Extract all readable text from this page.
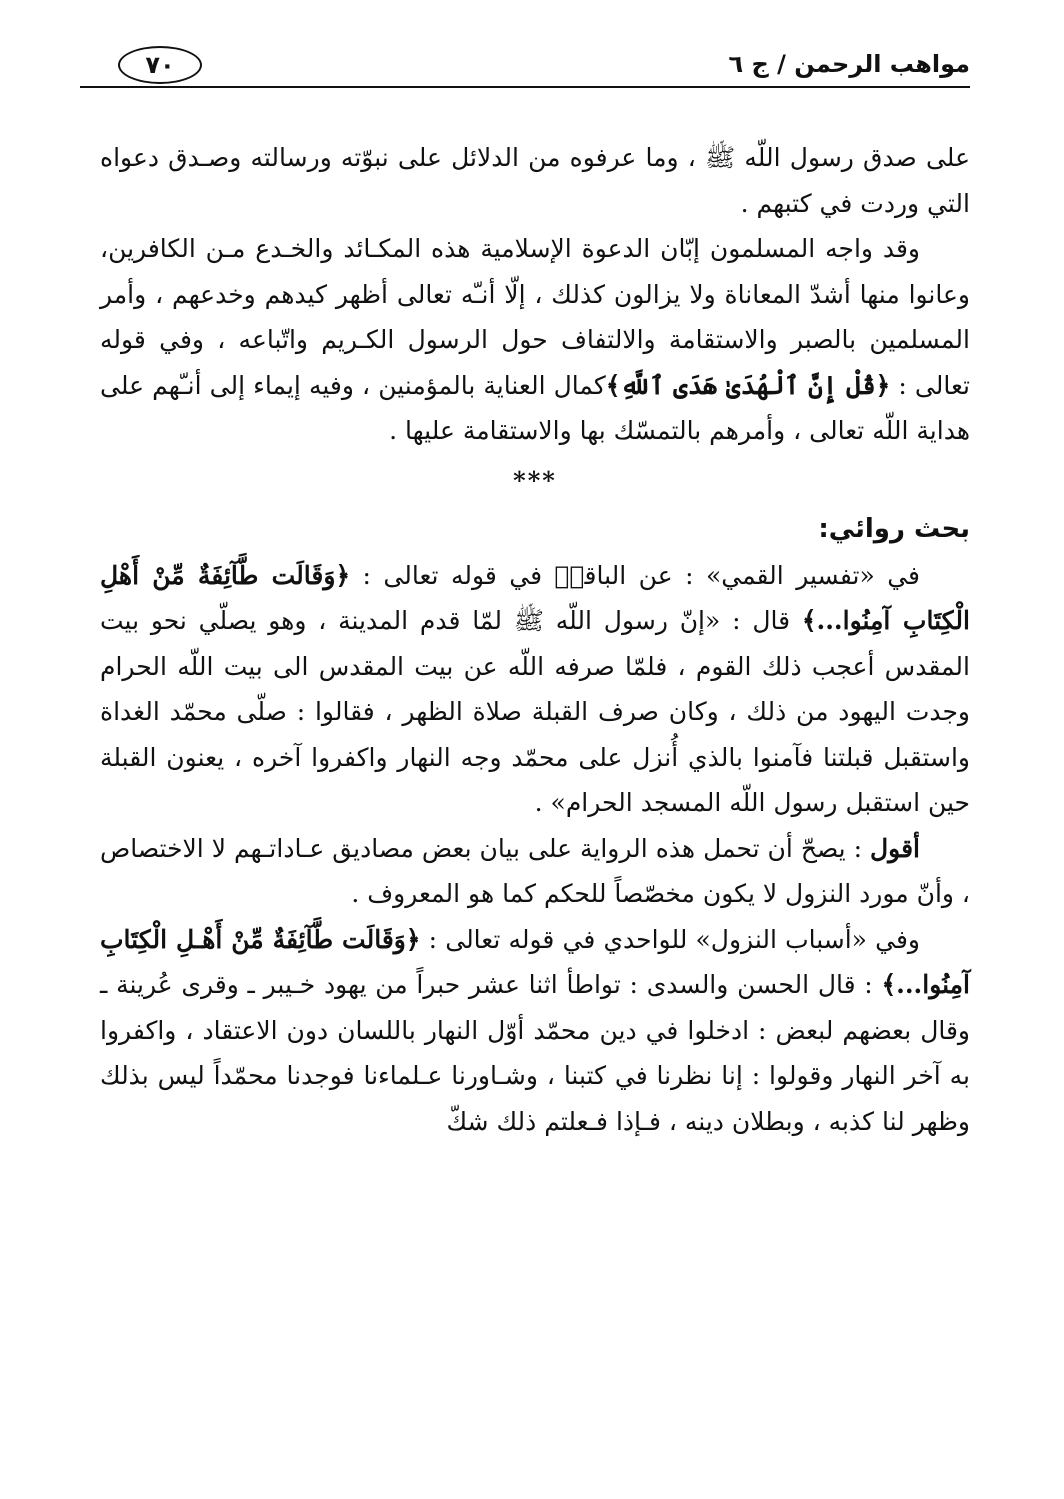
٧٠	مواهب الرحمن / ج ٦

على صدق رسول اللّه ﷺ ، وما عرفوه من الدلائل على نبوّته ورسالته وصـدق دعواه التي وردت في كتبهم .

وقد واجه المسلمون إبّان الدعوة الإسلامية هذه المكـائد والخـدع مـن الكافرين، وعانوا منها أشدّ المعاناة ولا يزالون كذلك ، إلّا أنـّه تعالى أظهر كيدهم وخدعهم ، وأمر المسلمين بالصبر والاستقامة والالتفاف حول الرسول الكـريم واتّباعه ، وفي قوله تعالى : ﴿قُلْ إِنَّ ٱلْهُدَىٰ هَدَى ٱللَّهِ﴾كمال العناية بالمؤمنين ، وفيه إيماء إلى أنـّهم على هداية اللّه تعالى ، وأمرهم بالتمسّك بها والاستقامة عليها .

***

بحث روائي:

في «تفسير القمي» : عن الباقرؑ في قوله تعالى : ﴿وَقَالَت طَّآئِفَةٌ مِّنْ أَهْلِ الْكِتَابِ آمِنُوا...﴾ قال : «إنّ رسول اللّه ﷺ لمّا قدم المدينة ، وهو يصلّي نحو بيت المقدس أعجب ذلك القوم ، فلمّا صرفه اللّه عن بيت المقدس الى بيت اللّه الحرام وجدت اليهود من ذلك ، وكان صرف القبلة صلاة الظهر ، فقالوا : صلّى محمّد الغداة واستقبل قبلتنا فآمنوا بالذي أُنزل على محمّد وجه النهار واكفروا آخره ، يعنون القبلة حين استقبل رسول اللّه المسجد الحرام» .

أقول : يصحّ أن تحمل هذه الرواية على بيان بعض مصاديق عـاداتـهم لا الاختصاص ، وأنّ مورد النزول لا يكون مخصّصاً للحكم كما هو المعروف .

وفي «أسباب النزول» للواحدي في قوله تعالى : ﴿وَقَالَت طَّآئِفَةٌ مِّنْ أَهْـلِ الْكِتَابِ آمِنُوا...﴾ : قال الحسن والسدى : تواطأ اثنا عشر حبراً من يهود خـيبر ـ وقرى عُرينة ـ وقال بعضهم لبعض : ادخلوا في دين محمّد أوّل النهار باللسان دون الاعتقاد ، واكفروا به آخر النهار وقولوا : إنا نظرنا في كتبنا ، وشـاورنا عـلماءنا فوجدنا محمّداً ليس بذلك وظهر لنا كذبه ، وبطلان دينه ، فـإذا فـعلتم ذلك شكّ
